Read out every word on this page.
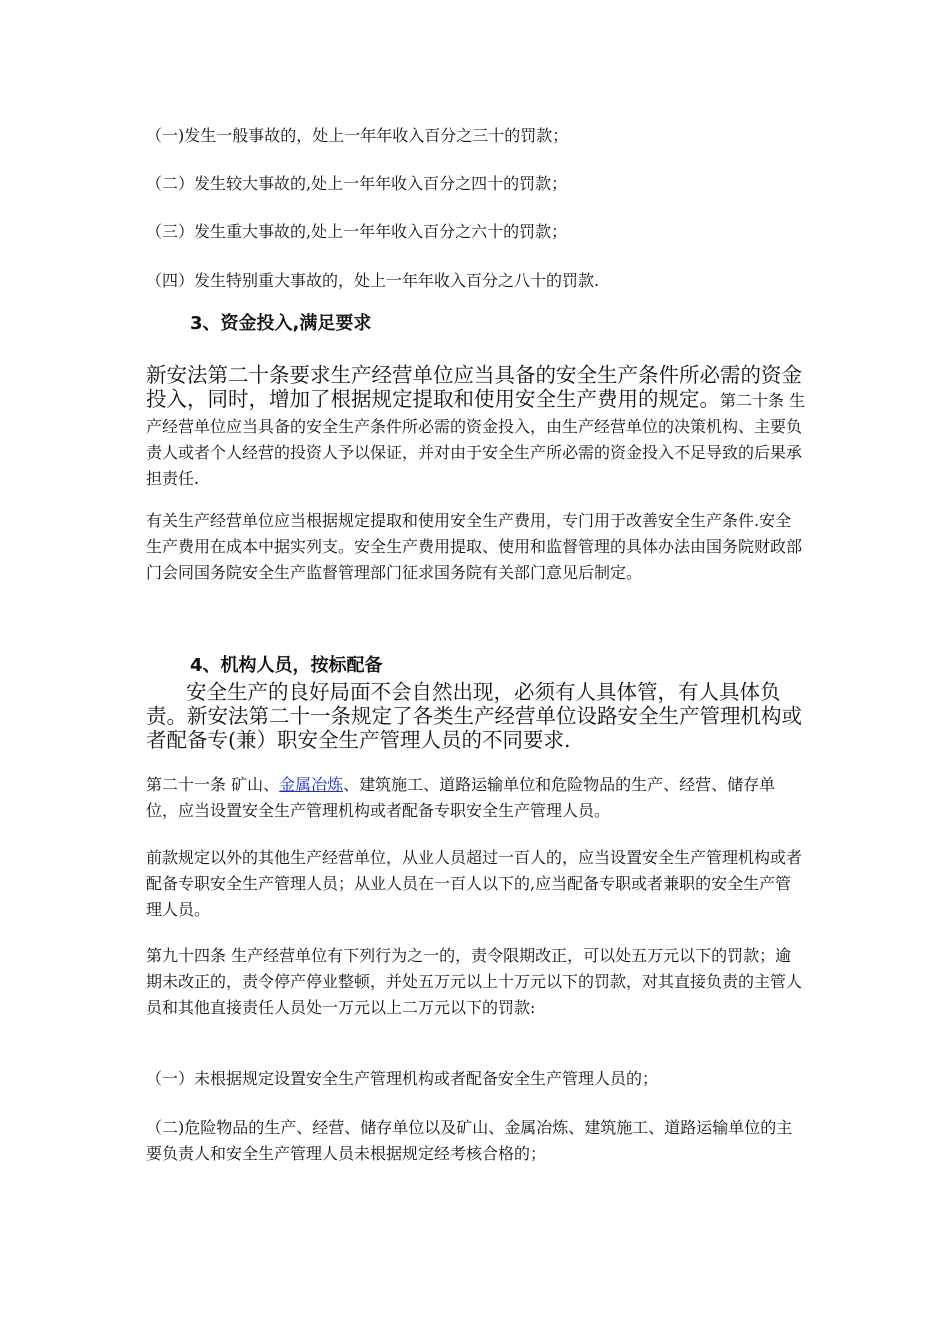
（一)发生一般事故的，处上一年年收入百分之三十的罚款；

（二）发生较大事故的,处上一年年收入百分之四十的罚款；

（三）发生重大事故的,处上一年年收入百分之六十的罚款；

（四）发生特别重大事故的，处上一年年收入百分之八十的罚款.

3、资金投入,满足要求
新安法第二十条要求生产经营单位应当具备的安全生产条件所必需的资金投入，同时，增加了根据规定提取和使用安全生产费用的规定。第二十条 生产经营单位应当具备的安全生产条件所必需的资金投入，由生产经营单位的决策机构、主要负责人或者个人经营的投资人予以保证，并对由于安全生产所必需的资金投入不足导致的后果承担责任.

有关生产经营单位应当根据规定提取和使用安全生产费用，专门用于改善安全生产条件.安全生产费用在成本中据实列支。安全生产费用提取、使用和监督管理的具体办法由国务院财政部门会同国务院安全生产监督管理部门征求国务院有关部门意见后制定。

4、机构人员，按标配备

安全生产的良好局面不会自然出现，必须有人具体管，有人具体负责。新安法第二十一条规定了各类生产经营单位设路安全生产管理机构或者配备专(兼）职安全生产管理人员的不同要求.

第二十一条 矿山、金属冶炼、建筑施工、道路运输单位和危险物品的生产、经营、储存单位，应当设置安全生产管理机构或者配备专职安全生产管理人员。

前款规定以外的其他生产经营单位，从业人员超过一百人的，应当设置安全生产管理机构或者配备专职安全生产管理人员；从业人员在一百人以下的,应当配备专职或者兼职的安全生产管理人员。

第九十四条 生产经营单位有下列行为之一的，责令限期改正，可以处五万元以下的罚款；逾期未改正的，责令停产停业整顿，并处五万元以上十万元以下的罚款，对其直接负责的主管人员和其他直接责任人员处一万元以上二万元以下的罚款:

（一）未根据规定设置安全生产管理机构或者配备安全生产管理人员的；

（二)危险物品的生产、经营、储存单位以及矿山、金属冶炼、建筑施工、道路运输单位的主要负责人和安全生产管理人员未根据规定经考核合格的；
